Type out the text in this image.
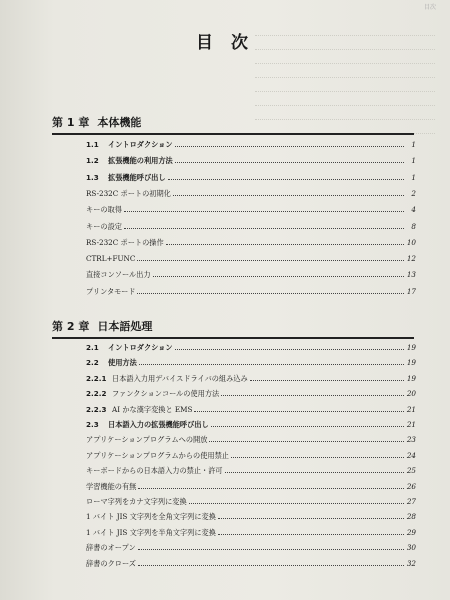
目次
目 次
第 1 章 本体機能
1.1	イントロダクション	1
1.2	拡張機能の利用方法	1
1.3	拡張機能呼び出し	1
RS-232C ポートの初期化	2
キーの取得	4
キーの設定	8
RS-232C ポートの操作	10
CTRL+FUNC	12
直接コンソール出力	13
プリンタモード	17
第 2 章 日本語処理
2.1	イントロダクション	19
2.2	使用方法	19
2.2.1 日本語入力用デバイスドライバの組み込み	19
2.2.2 ファンクションコールの使用方法	20
2.2.3 AI かな漢字変換と EMS	21
2.3	日本語入力の拡張機能呼び出し	21
アプリケーションプログラムへの開放	23
アプリケーションプログラムからの使用禁止	24
キーボードからの日本語入力の禁止・許可	25
学習機能の有無	26
ローマ字列をカナ文字列に変換	27
1 バイト JIS 文字列を全角文字列に変換	28
1 バイト JIS 文字列を半角文字列に変換	29
辞書のオープン	30
辞書のクローズ	32
